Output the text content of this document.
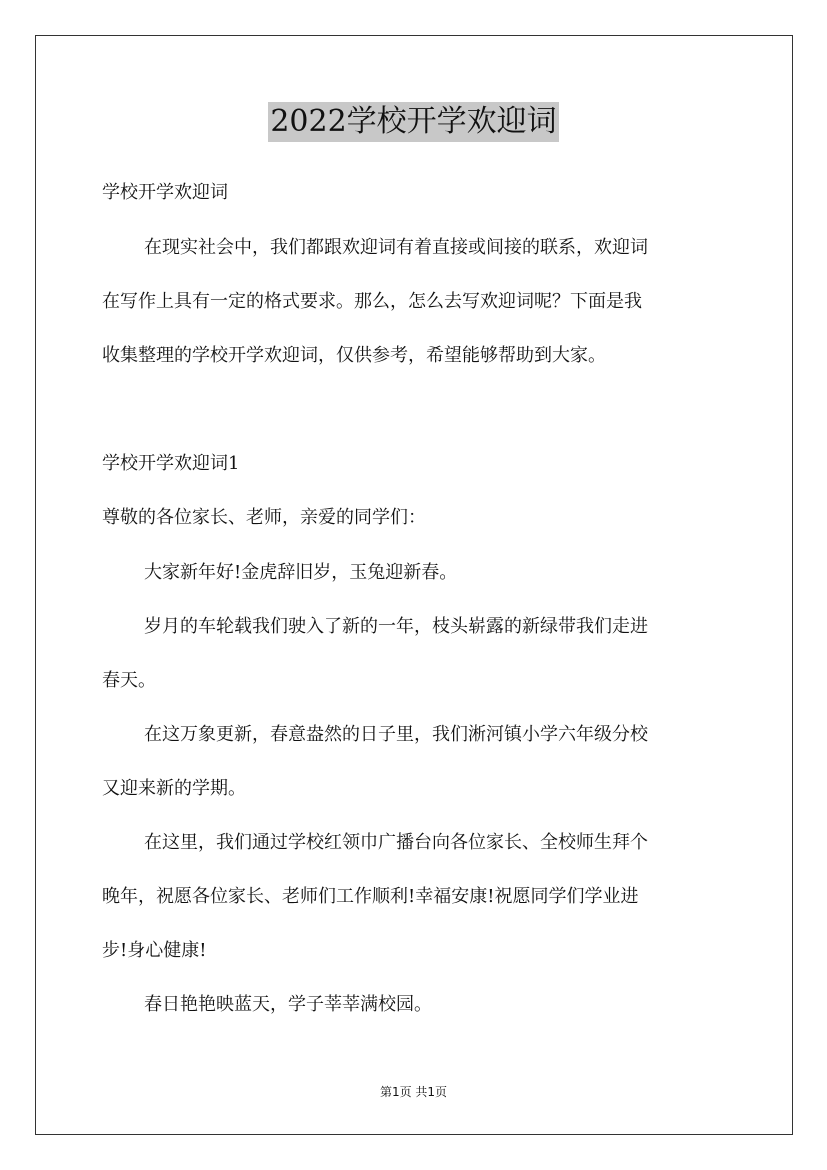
2022学校开学欢迎词
学校开学欢迎词
在现实社会中，我们都跟欢迎词有着直接或间接的联系，欢迎词
在写作上具有一定的格式要求。那么，怎么去写欢迎词呢？下面是我
收集整理的学校开学欢迎词，仅供参考，希望能够帮助到大家。
学校开学欢迎词1
尊敬的各位家长、老师，亲爱的同学们：
大家新年好!金虎辞旧岁，玉兔迎新春。
岁月的车轮载我们驶入了新的一年，枝头崭露的新绿带我们走进
春天。
在这万象更新，春意盎然的日子里，我们淅河镇小学六年级分校
又迎来新的学期。
在这里，我们通过学校红领巾广播台向各位家长、全校师生拜个
晚年，祝愿各位家长、老师们工作顺利!幸福安康!祝愿同学们学业进
步!身心健康!
春日艳艳映蓝天，学子莘莘满校园。
第1页 共1页
